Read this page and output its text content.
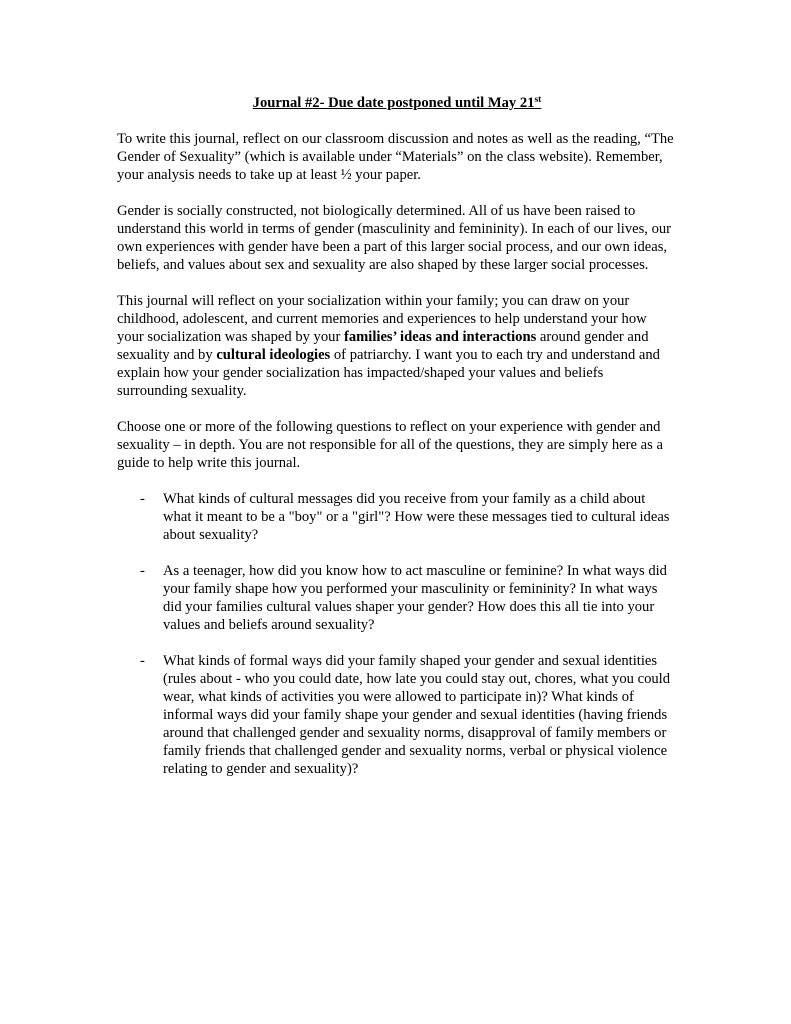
Journal #2- Due date postponed until May 21st

To write this journal, reflect on our classroom discussion and notes as well as the reading, “The Gender of Sexuality” (which is available under “Materials” on the class website). Remember, your analysis needs to take up at least ½ your paper.

Gender is socially constructed, not biologically determined. All of us have been raised to understand this world in terms of gender (masculinity and femininity). In each of our lives, our own experiences with gender have been a part of this larger social process, and our own ideas, beliefs, and values about sex and sexuality are also shaped by these larger social processes.

This journal will reflect on your socialization within your family; you can draw on your childhood, adolescent, and current memories and experiences to help understand your how your socialization was shaped by your families’ ideas and interactions around gender and sexuality and by cultural ideologies of patriarchy. I want you to each try and understand and explain how your gender socialization has impacted/shaped your values and beliefs surrounding sexuality.

Choose one or more of the following questions to reflect on your experience with gender and sexuality – in depth. You are not responsible for all of the questions, they are simply here as a guide to help write this journal.

- What kinds of cultural messages did you receive from your family as a child about what it meant to be a "boy" or a "girl"? How were these messages tied to cultural ideas about sexuality?
- As a teenager, how did you know how to act masculine or feminine? In what ways did your family shape how you performed your masculinity or femininity? In what ways did your families cultural values shaper your gender? How does this all tie into your values and beliefs around sexuality?
- What kinds of formal ways did your family shaped your gender and sexual identities (rules about - who you could date, how late you could stay out, chores, what you could wear, what kinds of activities you were allowed to participate in)? What kinds of informal ways did your family shape your gender and sexual identities (having friends around that challenged gender and sexuality norms, disapproval of family members or family friends that challenged gender and sexuality norms, verbal or physical violence relating to gender and sexuality)?
